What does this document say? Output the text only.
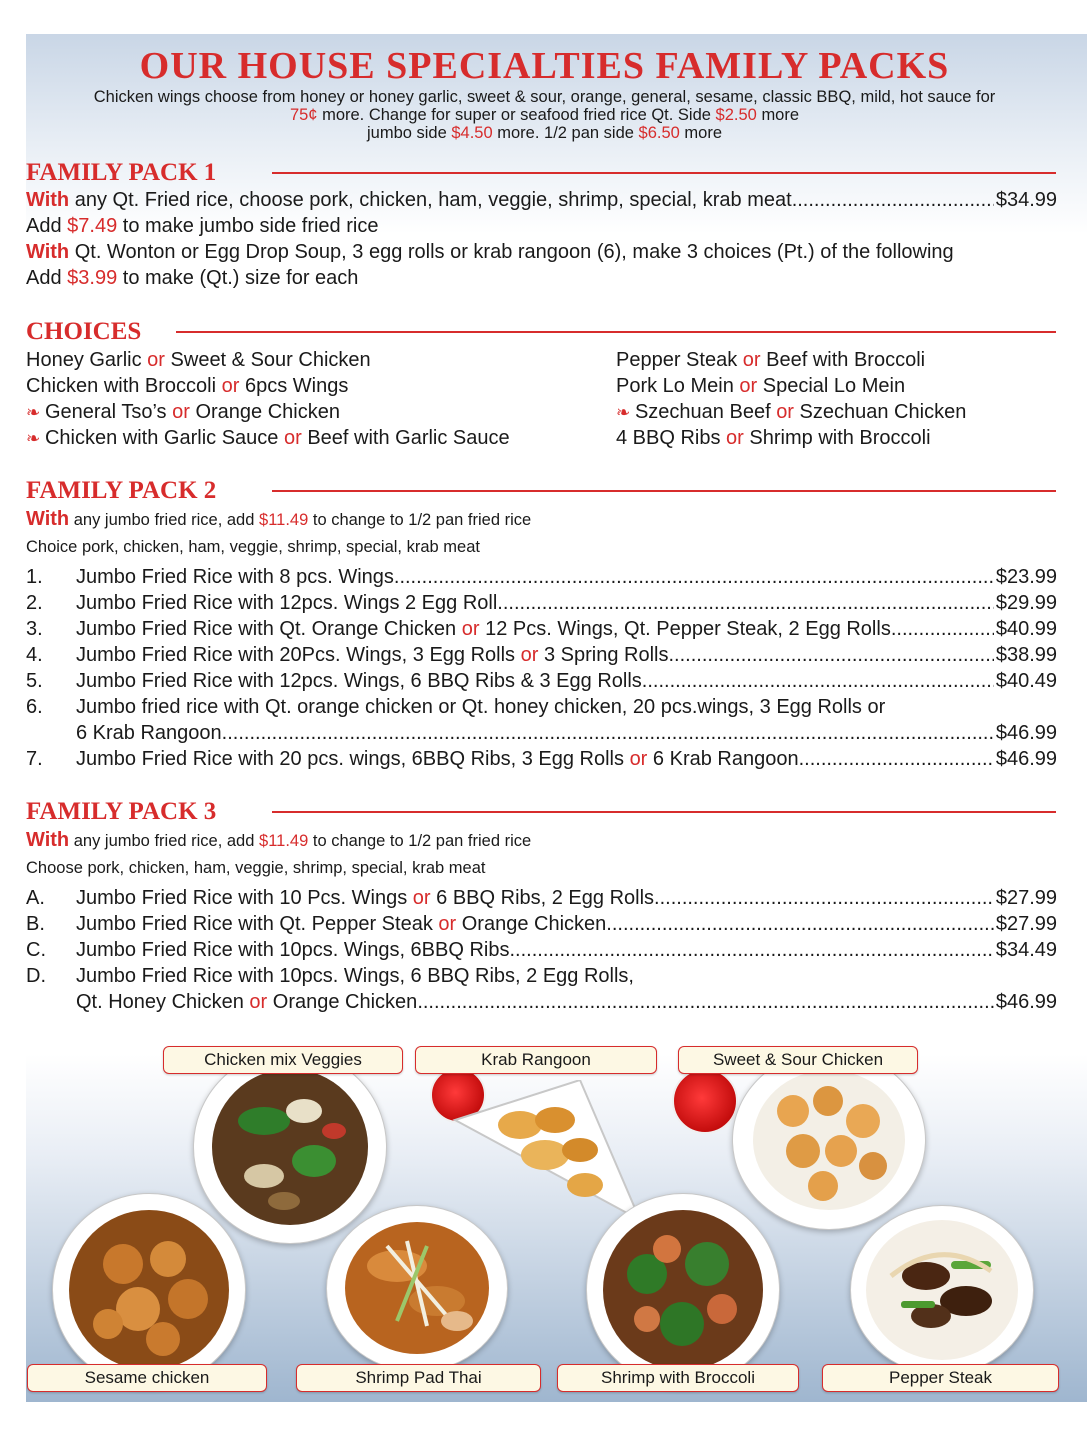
OUR HOUSE SPECIALTIES FAMILY PACKS
Chicken wings choose from honey or honey garlic, sweet & sour, orange, general, sesame, classic BBQ, mild, hot sauce for
75¢ more. Change for super or seafood fried rice Qt. Side $2.50 more
jumbo side $4.50 more. 1/2 pan side $6.50 more
FAMILY PACK 1
With any Qt. Fried rice, choose pork, chicken, ham, veggie, shrimp, special, krab meat .....	$34.99
Add $7.49 to make jumbo side fried rice
With Qt. Wonton or Egg Drop Soup, 3 egg rolls or krab rangoon (6), make 3 choices (Pt.) of the following
Add $3.99 to make (Qt.) size for each
CHOICES
Honey Garlic or Sweet & Sour Chicken
Chicken with Broccoli or 6pcs Wings
❧ General Tso’s or Orange Chicken
❧ Chicken with Garlic Sauce or Beef with Garlic Sauce
Pepper Steak or Beef with Broccoli
Pork Lo Mein or Special Lo Mein
❧ Szechuan Beef or Szechuan Chicken
4 BBQ Ribs or Shrimp with Broccoli
FAMILY PACK 2
With any jumbo fried rice, add $11.49 to change to 1/2 pan fried rice
Choice pork, chicken, ham, veggie, shrimp, special, krab meat
1.	Jumbo Fried Rice with 8 pcs. Wings .....	$23.99
2.	Jumbo Fried Rice with 12pcs. Wings 2 Egg Roll .....	$29.99
3.	Jumbo Fried Rice with Qt. Orange Chicken or 12 Pcs. Wings, Qt. Pepper Steak, 2 Egg Rolls .....	$40.99
4.	Jumbo Fried Rice with 20Pcs. Wings, 3 Egg Rolls or 3 Spring Rolls .....	$38.99
5.	Jumbo Fried Rice with 12pcs. Wings, 6 BBQ Ribs & 3 Egg Rolls .....	$40.49
6.	Jumbo fried rice with Qt. orange chicken or Qt. honey chicken, 20 pcs.wings, 3 Egg Rolls or
6 Krab Rangoon .....	$46.99
7.	Jumbo Fried Rice with 20 pcs. wings, 6BBQ Ribs, 3 Egg Rolls or 6 Krab Rangoon .....	$46.99
FAMILY PACK 3
With any jumbo fried rice, add $11.49 to change to 1/2 pan fried rice
Choose pork, chicken, ham, veggie, shrimp, special, krab meat
A.	Jumbo Fried Rice with 10 Pcs. Wings or 6 BBQ Ribs, 2 Egg Rolls .....	$27.99
B.	Jumbo Fried Rice with Qt. Pepper Steak or Orange Chicken .....	$27.99
C.	Jumbo Fried Rice with 10pcs. Wings, 6BBQ Ribs .....	$34.49
D.	Jumbo Fried Rice with 10pcs. Wings, 6 BBQ Ribs, 2 Egg Rolls,
Qt. Honey Chicken or Orange Chicken .....	$46.99
Chicken mix Veggies	Krab Rangoon	Sweet & Sour Chicken
Sesame chicken	Shrimp Pad Thai	Shrimp with Broccoli	Pepper Steak
